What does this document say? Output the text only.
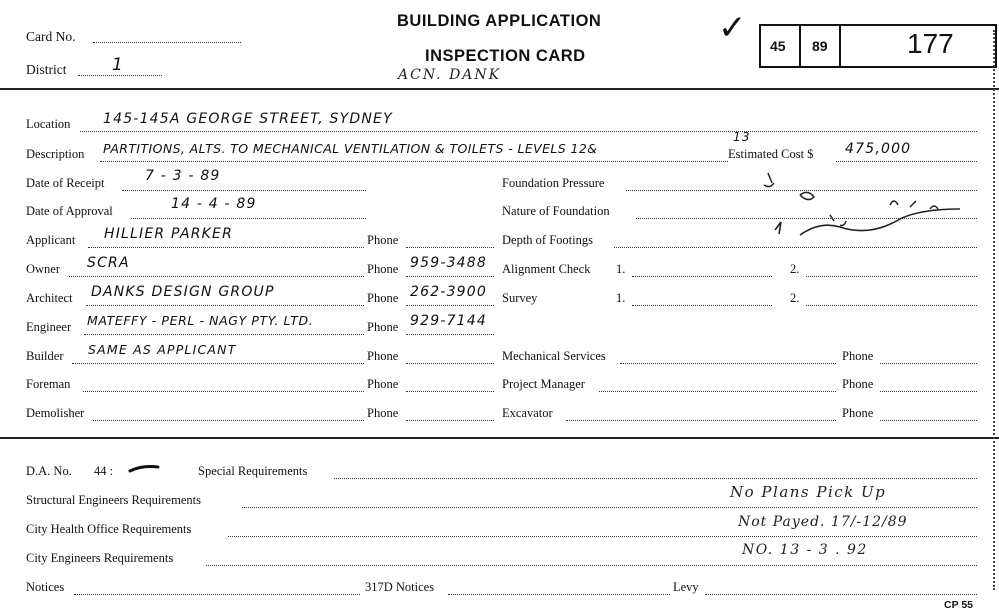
Card No.
District	1
BUILDING APPLICATION
INSPECTION CARD
ACN. DANK
✓ 45 89	177
Location 145-145A GEORGE STREET, SYDNEY
Description PARTITIONS, ALTS. TO MECHANICAL VENTILATION & TOILETS - LEVELS 12&
13
Estimated Cost $ 475,000
Date of Receipt	7 - 3 - 89
Date of Approval	14 - 4 - 89
Applicant HILLIER PARKER	Phone
Owner SCRA	Phone 959-3488
Architect DANKS DESIGN GROUP	Phone 262-3900
Engineer MATEFFY - PERL - NAGY PTY. LTD.	Phone 929-7144
Builder SAME AS APPLICANT	Phone
Foreman	Phone
Demolisher	Phone
Foundation Pressure
Nature of Foundation
Depth of Footings
Alignment Check 1.	2.
Survey	1.	2.
Mechanical Services	Phone
Project Manager	Phone
Excavator	Phone
D.A. No. 44 :	Special Requirements
Structural Engineers Requirements	No Plans Pick Up
City Health Office Requirements	Not Payed. 17/-12/89
City Engineers Requirements	NO. 13 - 3 . 92
Notices	317D Notices	Levy
CP 55
